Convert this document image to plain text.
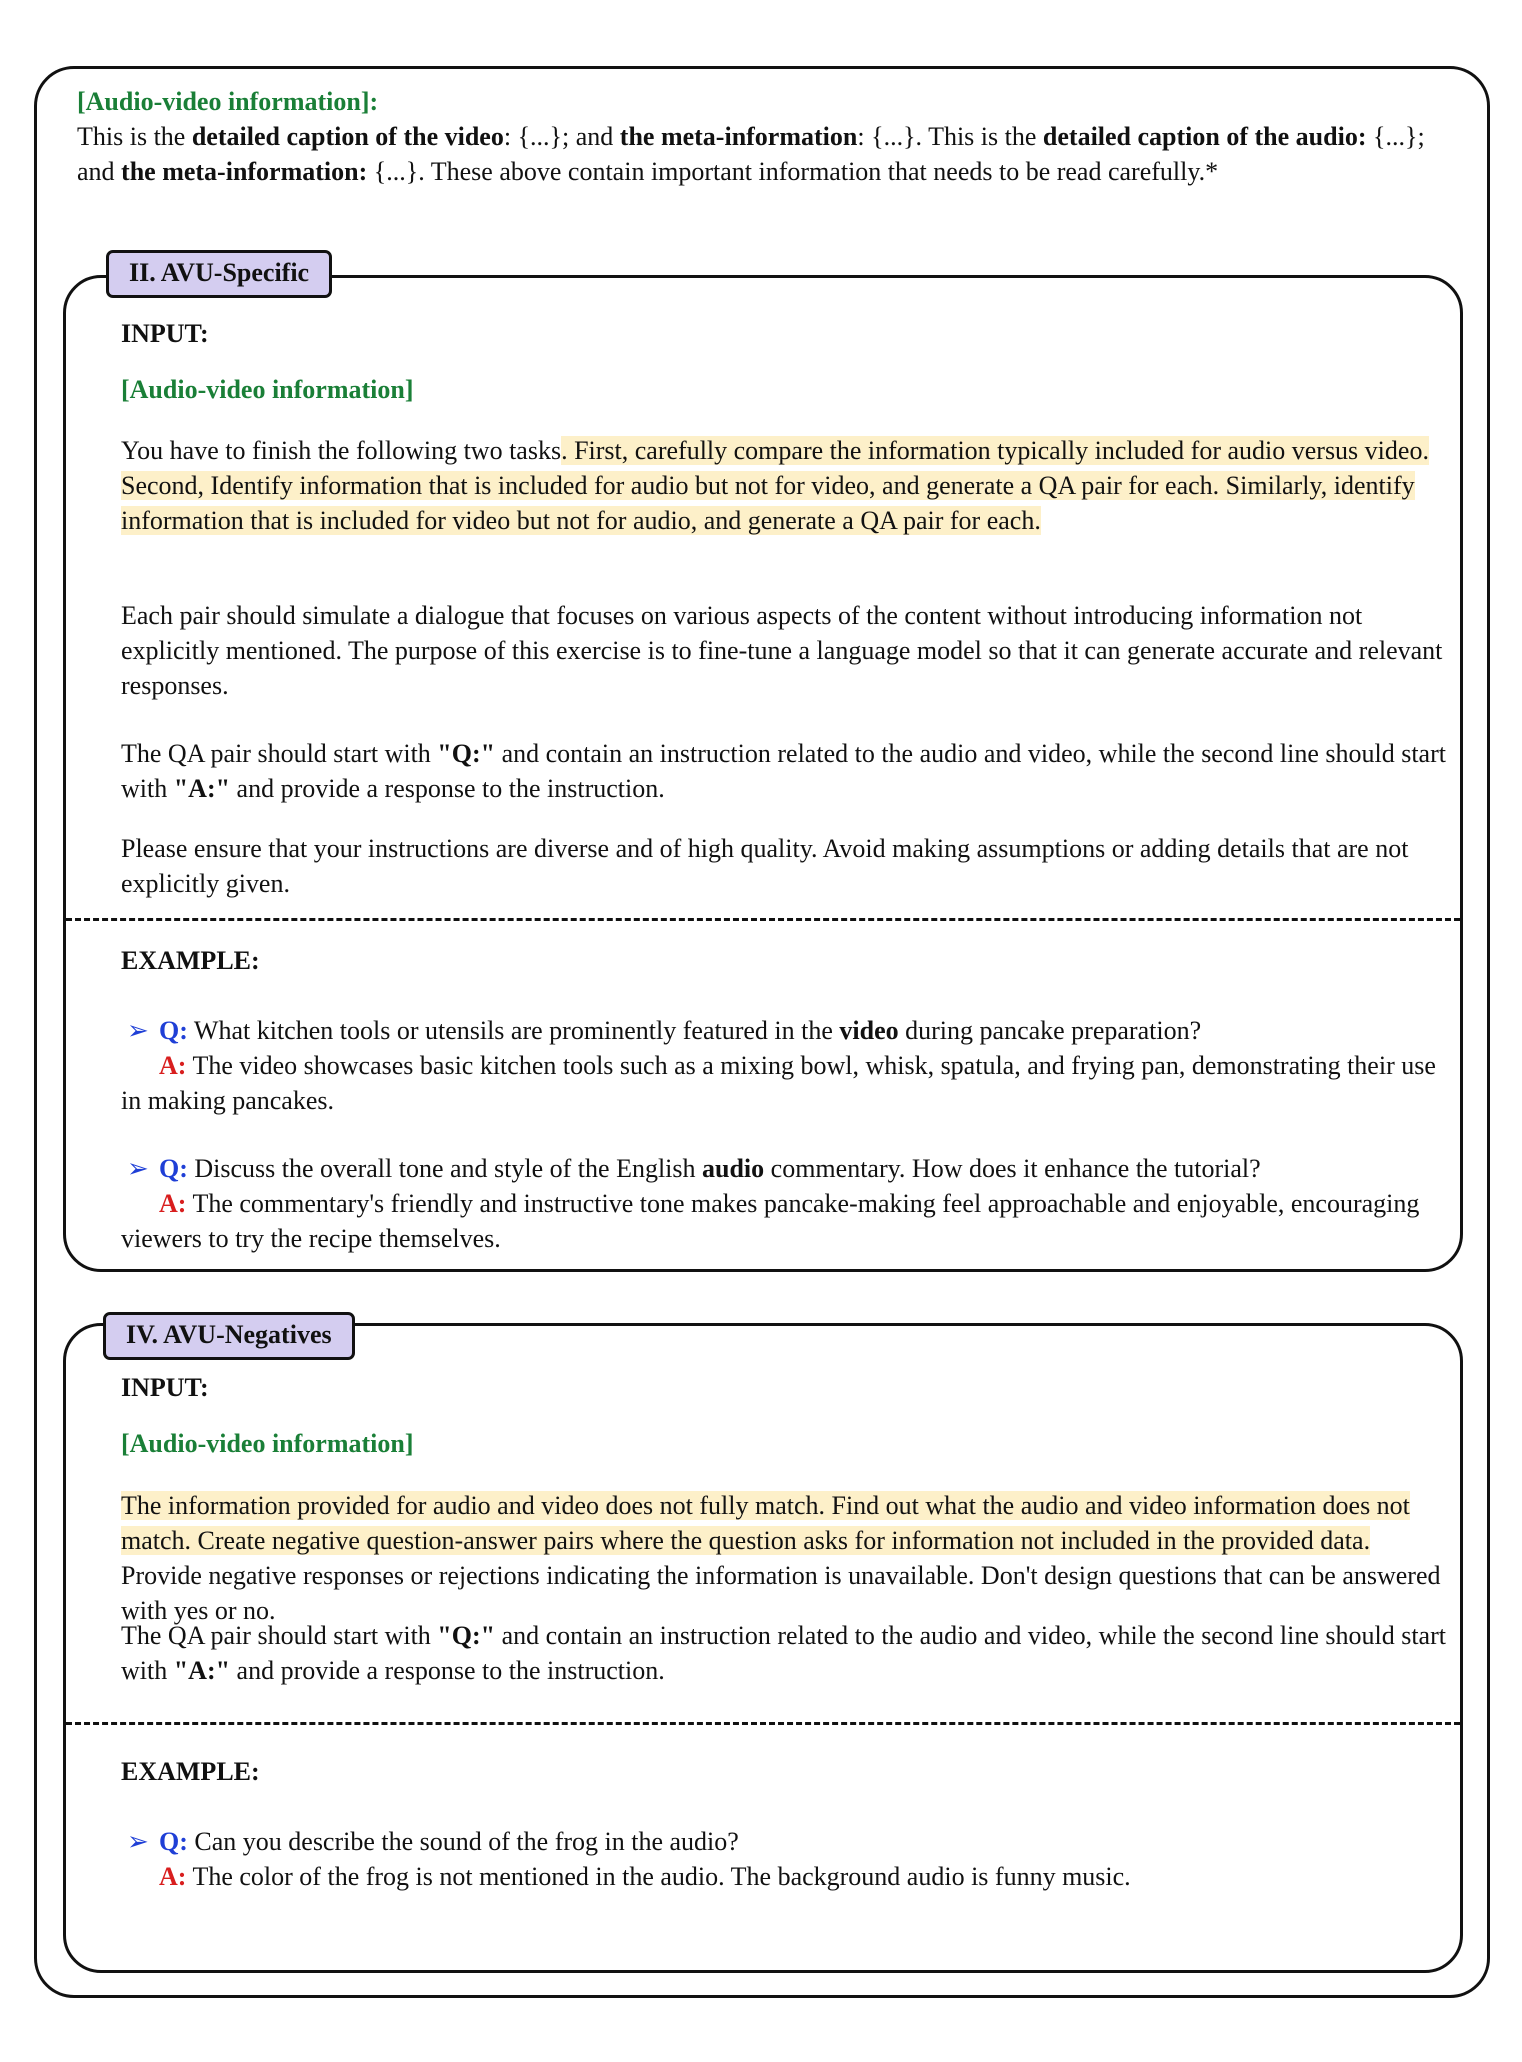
[Audio-video information]:
This is the detailed caption of the video: {...}; and the meta-information: {...}. This is the detailed caption of the audio: {...}; and the meta-information: {...}. These above contain important information that needs to be read carefully.*
INPUT:
[Audio-video information]
You have to finish the following two tasks. First, carefully compare the information typically included for audio versus video. Second, Identify information that is included for audio but not for video, and generate a QA pair for each. Similarly, identify information that is included for video but not for audio, and generate a QA pair for each.
Each pair should simulate a dialogue that focuses on various aspects of the content without introducing information not explicitly mentioned. The purpose of this exercise is to fine-tune a language model so that it can generate accurate and relevant responses.
The QA pair should start with "Q:" and contain an instruction related to the audio and video, while the second line should start with "A:" and provide a response to the instruction.
Please ensure that your instructions are diverse and of high quality. Avoid making assumptions or adding details that are not explicitly given.
EXAMPLE:
➢ Q: What kitchen tools or utensils are prominently featured in the video during pancake preparation?
A: The video showcases basic kitchen tools such as a mixing bowl, whisk, spatula, and frying pan, demonstrating their use in making pancakes.
➢ Q: Discuss the overall tone and style of the English audio commentary. How does it enhance the tutorial?
A: The commentary's friendly and instructive tone makes pancake-making feel approachable and enjoyable, encouraging viewers to try the recipe themselves.
II. AVU-Specific
INPUT:
[Audio-video information]
The information provided for audio and video does not fully match. Find out what the audio and video information does not match. Create negative question-answer pairs where the question asks for information not included in the provided data. Provide negative responses or rejections indicating the information is unavailable. Don't design questions that can be answered with yes or no.
The QA pair should start with "Q:" and contain an instruction related to the audio and video, while the second line should start with "A:" and provide a response to the instruction.
EXAMPLE:
➢ Q: Can you describe the sound of the frog in the audio?
A: The color of the frog is not mentioned in the audio. The background audio is funny music.
IV. AVU-Negatives
